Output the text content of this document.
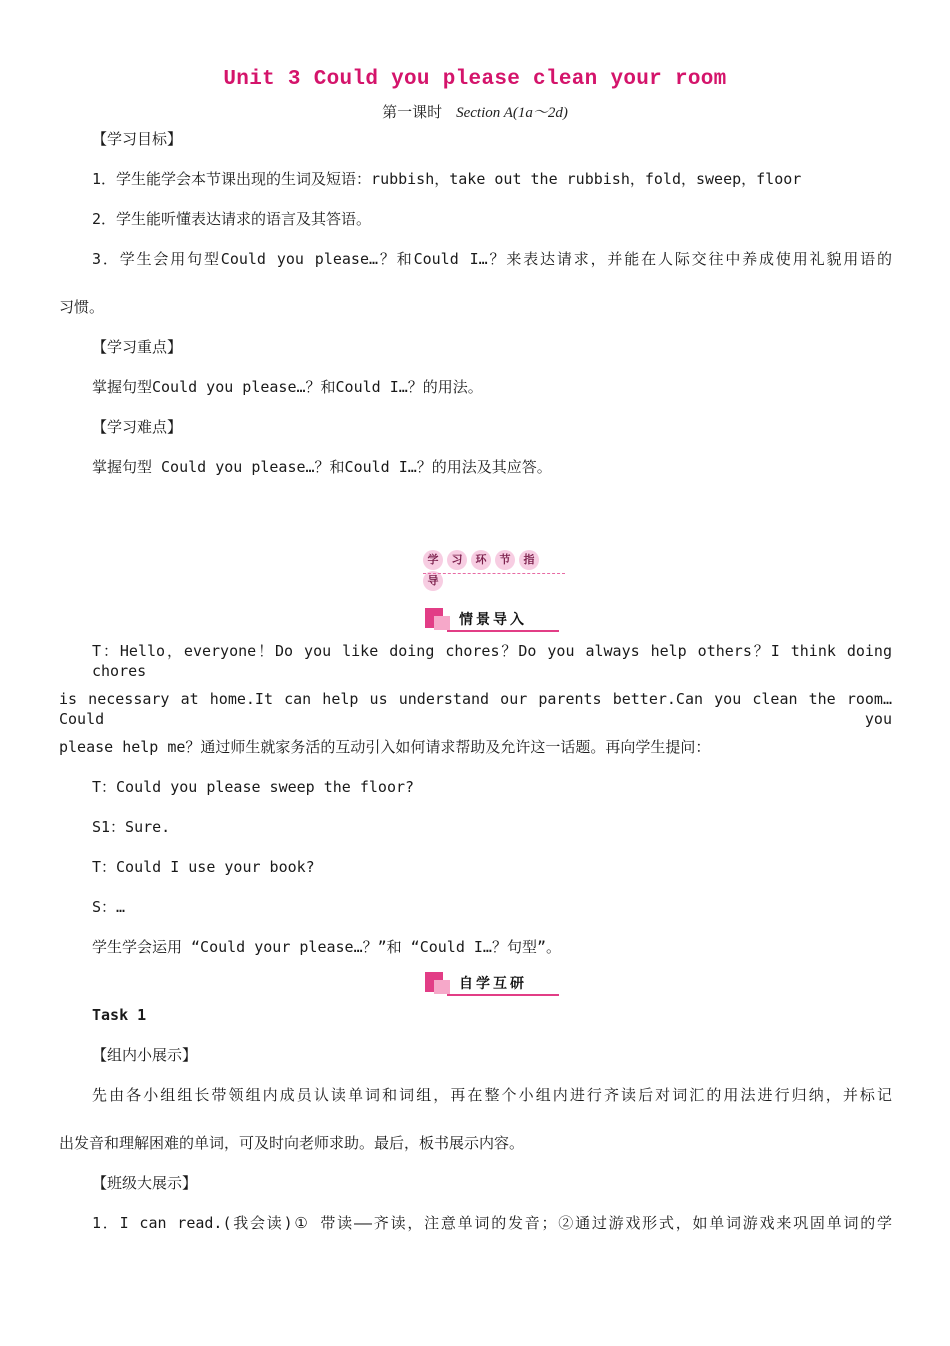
Unit 3 Could you please clean your room
第一课时 Section A(1a～2d)
【学习目标】
1．学生能学会本节课出现的生词及短语：rubbish，take out the rubbish，fold，sweep，floor
2．学生能听懂表达请求的语言及其答语。
3．学生会用句型Could you please…？和Could I…？来表达请求，并能在人际交往中养成使用礼貌用语的
习惯。
【学习重点】
掌握句型Could you please…？和Could I…？的用法。
【学习难点】
掌握句型 Could you please…？和Could I…？的用法及其应答。
学 习 环 节 指导
情景导入
T：Hello，everyone！Do you like doing chores？Do you always help others？I think doing chores
is necessary at home.It can help us understand our parents better.Can you clean the room…Could you
please help me？通过师生就家务活的互动引入如何请求帮助及允许这一话题。再向学生提问：
T：Could you please sweep the floor?
S1：Sure.
T：Could I use your book?
S：…
学生学会运用 “Could your please…？”和 “Could I…？句型”。
自学互研
Task 1
【组内小展示】
先由各小组组长带领组内成员认读单词和词组，再在整个小组内进行齐读后对词汇的用法进行归纳，并标记
出发音和理解困难的单词，可及时向老师求助。最后，板书展示内容。
【班级大展示】
1．I can read.(我会读)① 带读——齐读，注意单词的发音；②通过游戏形式，如单词游戏来巩固单词的学
